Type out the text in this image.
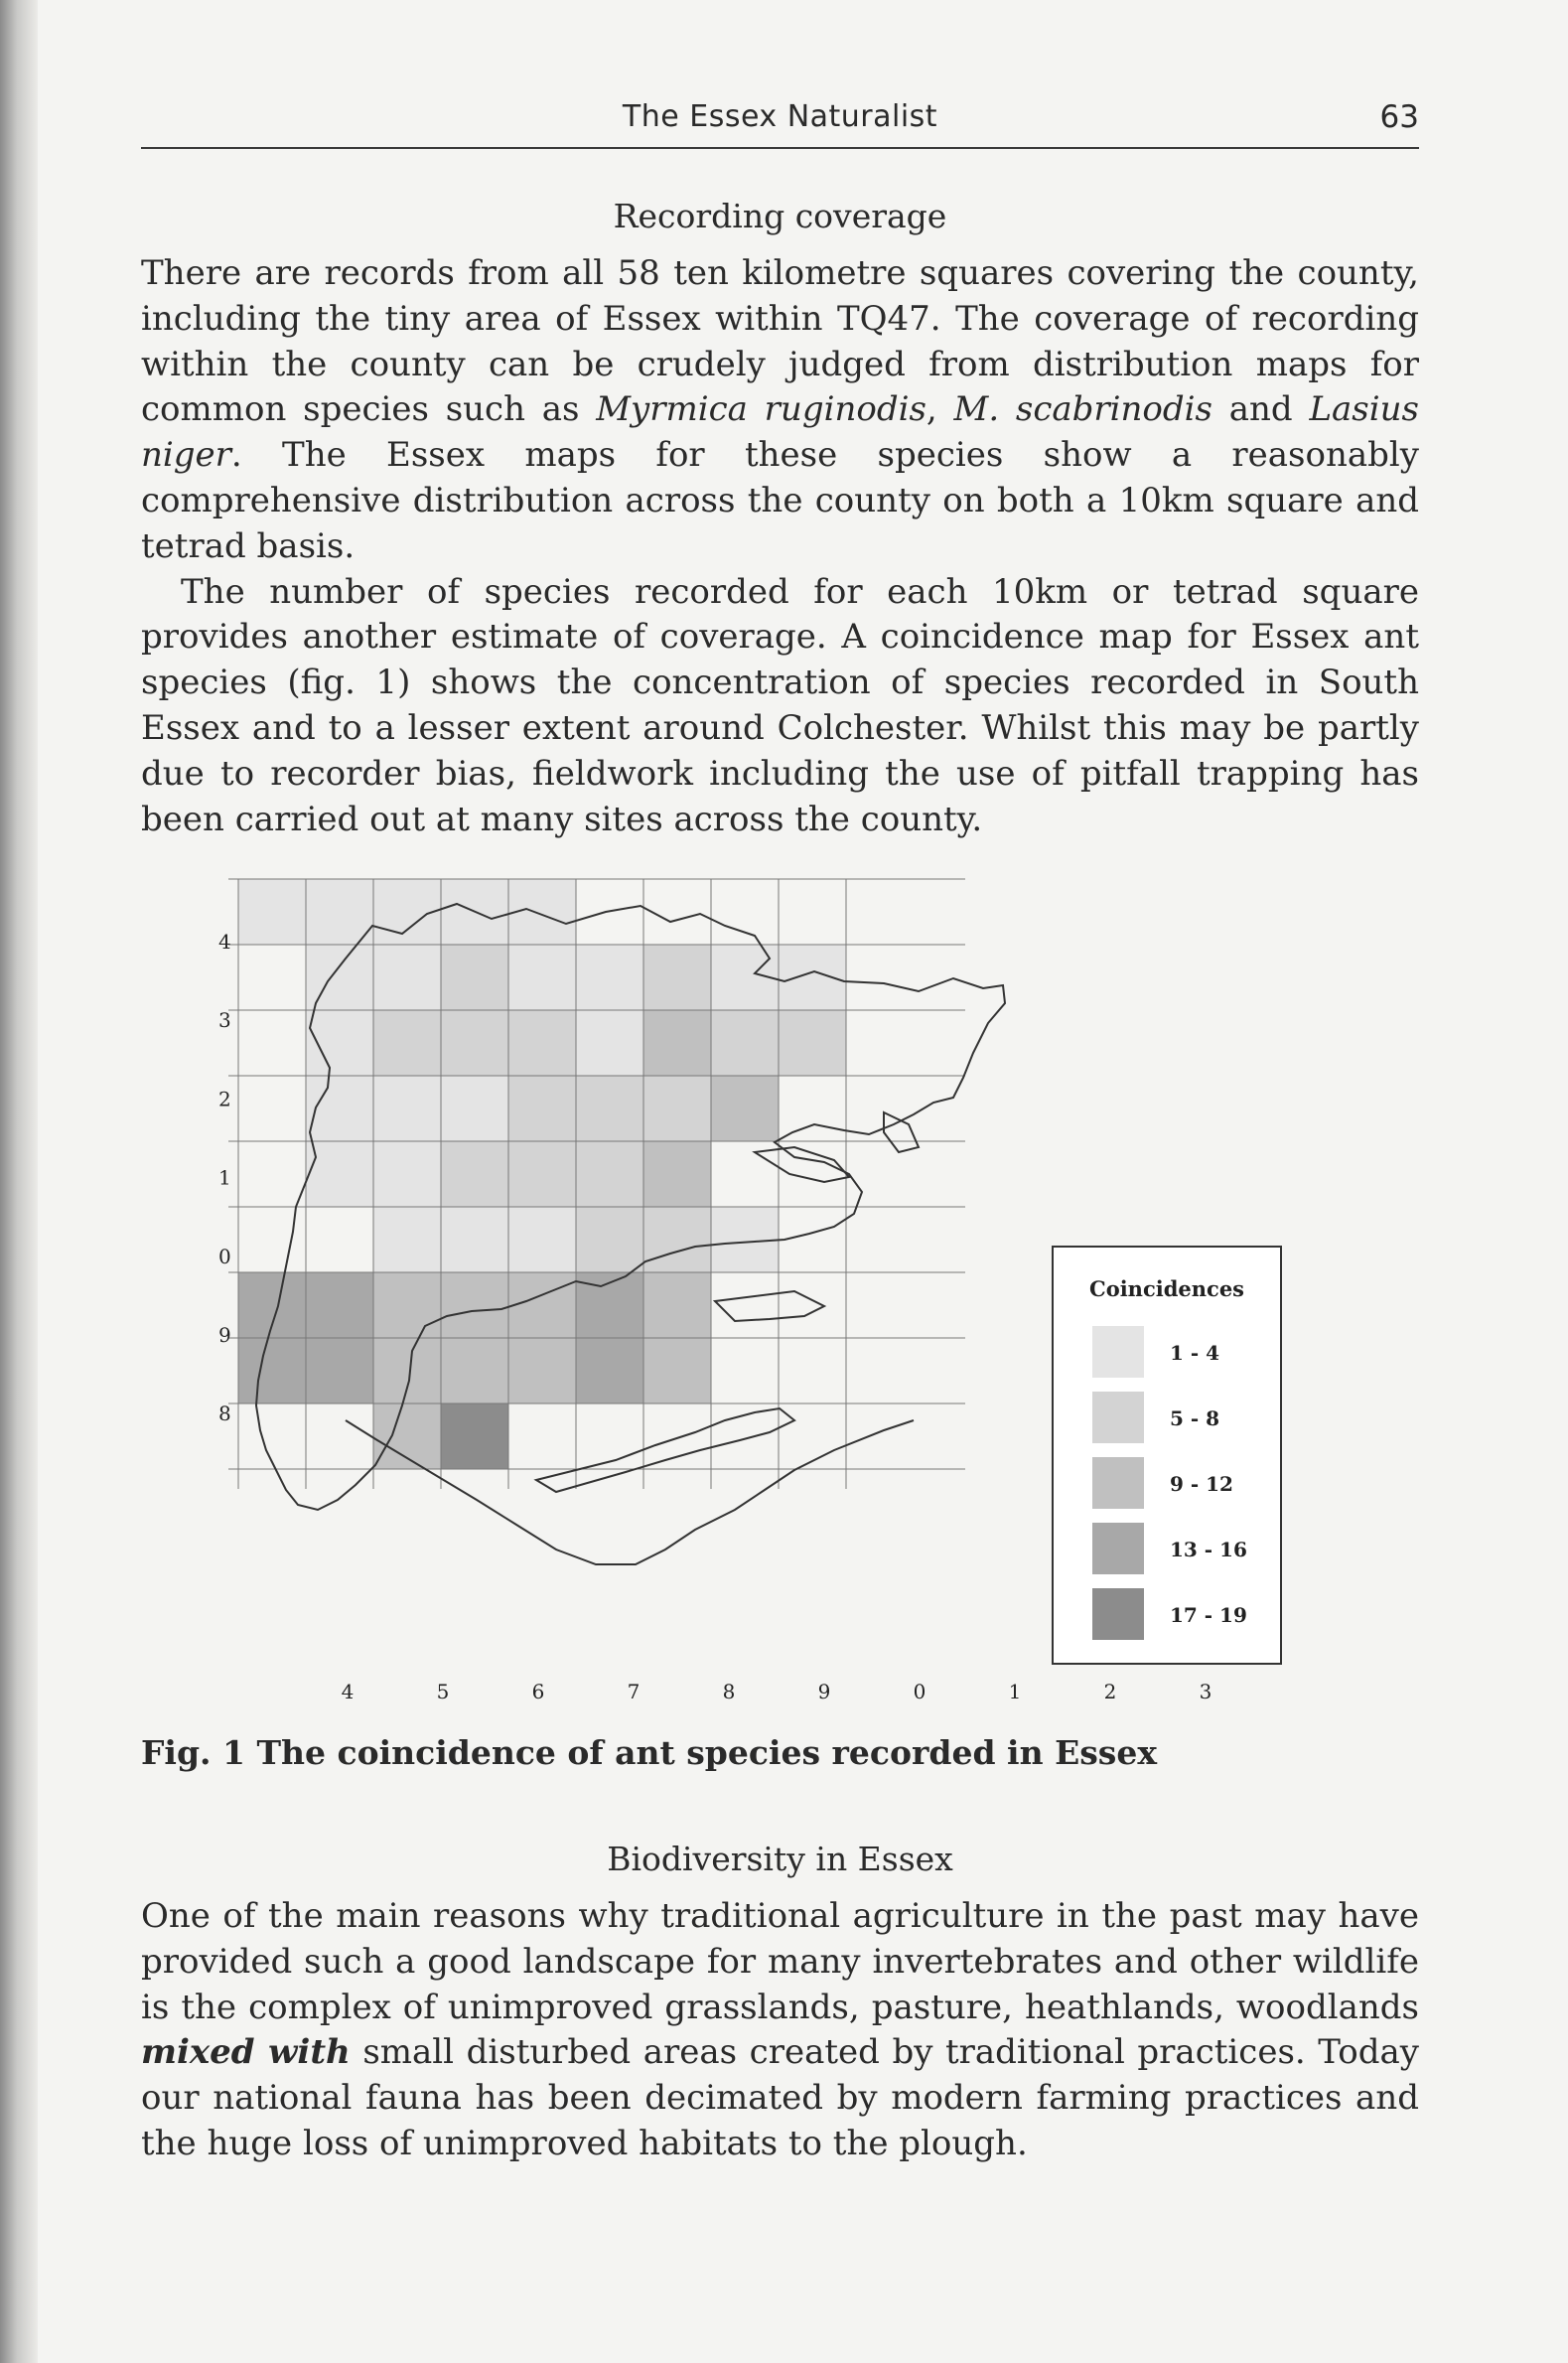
The Essex Naturalist	63
Recording coverage

There are records from all 58 ten kilometre squares covering the county, including the tiny area of Essex within TQ47. The coverage of recording within the county can be crudely judged from distribution maps for common species such as Myrmica ruginodis, M. scabrinodis and Lasius niger. The Essex maps for these species show a reasonably comprehensive distribution across the county on both a 10km square and tetrad basis.

The number of species recorded for each 10km or tetrad square provides another estimate of coverage. A coincidence map for Essex ant species (fig. 1) shows the concentration of species recorded in South Essex and to a lesser extent around Colchester. Whilst this may be partly due to recorder bias, fieldwork including the use of pitfall trapping has been carried out at many sites across the county.

4
3
2
1
0
9
8
4	5	6	7	8	9	0	1	2	3
Coincidences
1 - 4
5 - 8
9 - 12
13 - 16
17 - 19
Fig. 1 The coincidence of ant species recorded in Essex
Biodiversity in Essex

One of the main reasons why traditional agriculture in the past may have provided such a good landscape for many invertebrates and other wildlife is the complex of unimproved grasslands, pasture, heathlands, woodlands mixed with small disturbed areas created by traditional practices. Today our national fauna has been decimated by modern farming practices and the huge loss of unimproved habitats to the plough.
